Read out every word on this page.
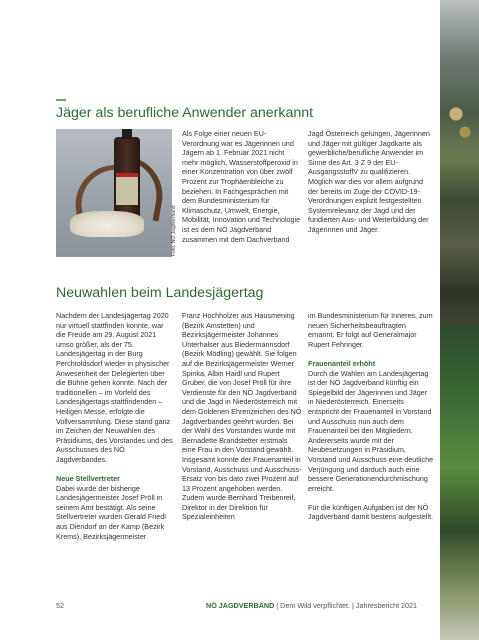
Jäger als berufliche Anwender anerkannt
Foto: NÖ Jagdverband

Als Folge einer neuen EU-Verordnung war es Jägerinnen und Jägern ab 1. Februar 2021 nicht mehr möglich, Wasserstoffperoxid in einer Konzentration von über zwölf Prozent zur Trophäenbleiche zu beziehen. In Fachgesprächen mit dem Bundesministerium für Klimaschutz, Umwelt, Energie, Mobilität, Innovation und Technologie ist es dem NÖ Jagdverband zusammen mit dem Dachverband

Jagd Österreich gelungen, Jägerinnen und Jäger mit gültiger Jagdkarte als gewerbliche/berufliche Anwender im Sinne des Art. 3 Z 9 der EU-AusgangsstoffV zu qualifizieren. Möglich war dies vor allem aufgrund der bereits im Zuge der COVID-19-Verordnungen explizit festgestellten Systemrelevanz der Jagd und der fundierten Aus- und Weiterbildung der Jägerinnen und Jäger.

Neuwahlen beim Landesjägertag

Nachdem der Landesjägertag 2020 nur virtuell stattfinden konnte, war die Freude am 29. August 2021 umso größer, als der 75. Landesjägertag in der Burg Perchtoldsdorf wieder in physischer Anwesenheit der Delegierten über die Bühne gehen konnte. Nach der traditionellen – im Vorfeld des Landesjägertags stattfindenden – Heiligen Messe, erfolgte die Vollversammlung. Diese stand ganz im Zeichen der Neuwahlen des Präsidiums, des Vorstandes und des Ausschusses des NÖ Jagdverbandes.

Neue Stellvertreter

Dabei wurde der bisherige Landesjägermeister Josef Pröll in seinem Amt bestätigt. Als seine Stellvertreter wurden Gerald Friedl aus Diendorf an der Kamp (Bezirk Krems), Bezirksjägermeister

Franz Hochholzer aus Hausmening (Bezirk Amstetten) und Bezirksjägermeister Johannes Unterhalser aus Biedermannsdorf (Bezirk Mödling) gewählt. Sie folgen auf die Bezirksjägermeister Werner Spinka, Albin Haidl und Rupert Gruber, die von Josef Pröll für ihre Verdienste für den NÖ Jagdverband und die Jagd in Niederösterreich mit dem Goldenen Ehrenzeichen des NÖ Jagdverbandes geehrt wurden. Bei der Wahl des Vorstandes wurde mit Bernadette Brandstetter erstmals eine Frau in den Vorstand gewählt. Insgesamt konnte der Frauenanteil in Vorstand, Ausschuss und Ausschuss-Ersatz von bis dato zwei Prozent auf 13 Prozent angehoben werden. Zudem wurde Bernhard Treibenreif, Direktor in der Direktion für Spezialeinheiten

im Bundesministerium für Inneres, zum neuen Sicherheitsbeauftragten ernannt. Er folgt auf Generalmajor Rupert Fehringer.

Frauenanteil erhöht

Durch die Wahlen am Landesjägertag ist der NÖ Jagdverband künftig ein Spiegelbild der Jägerinnen und Jäger in Niederösterreich. Einerseits entspricht der Frauenanteil in Vorstand und Ausschuss nun auch dem Frauenanteil bei den Mitgliedern. Andererseits wurde mit der Neubesetzungen in Präsidium, Vorstand und Ausschuss eine deutliche Verjüngung und darduch auch eine bessere Generationendurchmischung erreicht.

Für die künftigen Aufgaben ist der NÖ Jagdverband damit bestens aufgestellt.

52	NÖ JAGDVERBAND | Dem Wild verpflichtet. | Jahresbericht 2021
